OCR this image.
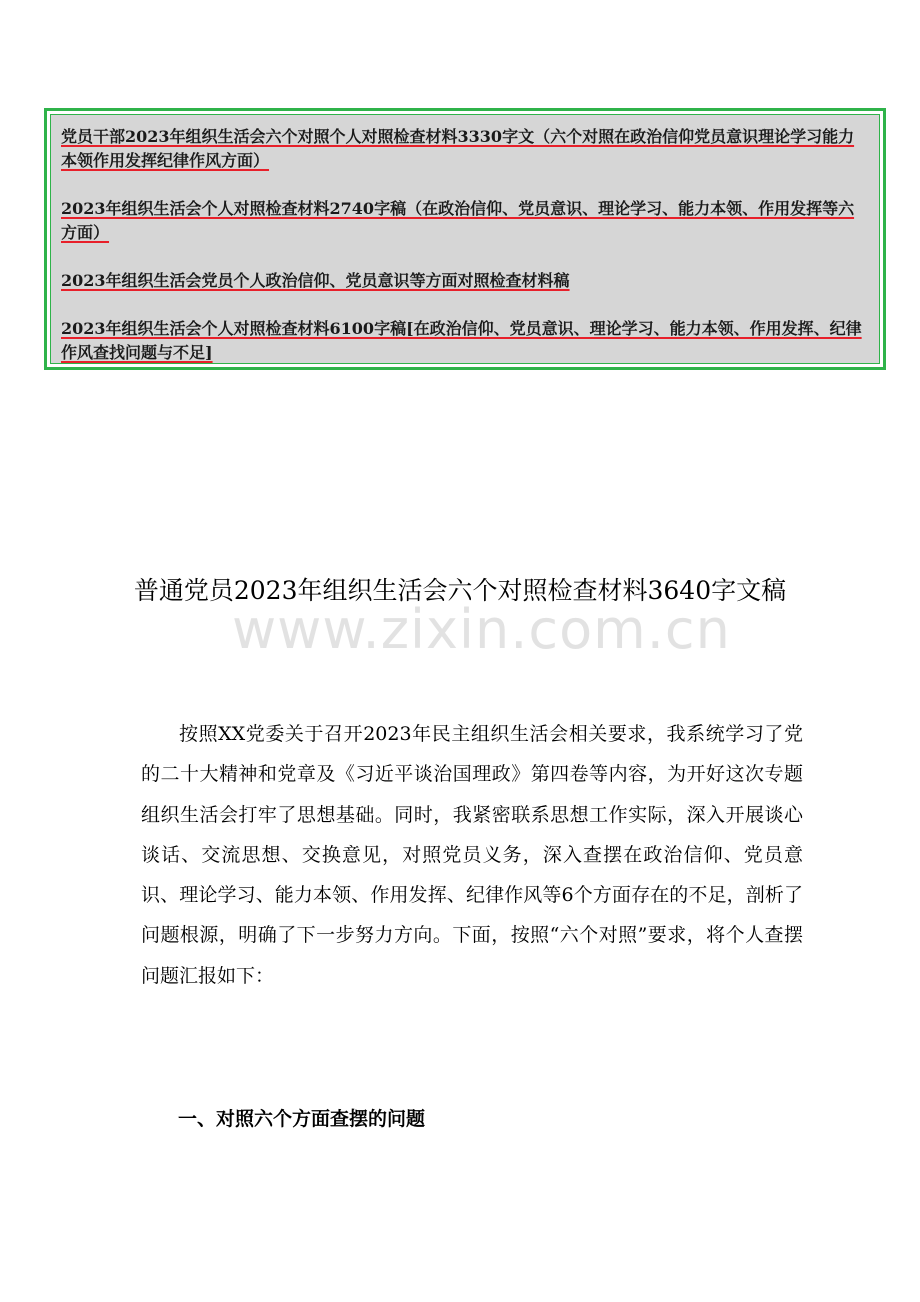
党员干部2023年组织生活会六个对照个人对照检查材料3330字文（六个对照在政治信仰党员意识理论学习能力本领作用发挥纪律作风方面）
2023年组织生活会个人对照检查材料2740字稿（在政治信仰、党员意识、理论学习、能力本领、作用发挥等六方面）
2023年组织生活会党员个人政治信仰、党员意识等方面对照检查材料稿
2023年组织生活会个人对照检查材料6100字稿[在政治信仰、党员意识、理论学习、能力本领、作用发挥、纪律作风查找问题与不足]
www.zixin.com.cn
普通党员2023年组织生活会六个对照检查材料3640字文稿

按照XX党委关于召开2023年民主组织生活会相关要求，我系统学习了党的二十大精神和党章及《习近平谈治国理政》第四卷等内容，为开好这次专题组织生活会打牢了思想基础。同时，我紧密联系思想工作实际，深入开展谈心谈话、交流思想、交换意见，对照党员义务，深入查摆在政治信仰、党员意识、理论学习、能力本领、作用发挥、纪律作风等6个方面存在的不足，剖析了问题根源，明确了下一步努力方向。下面，按照“六个对照”要求，将个人查摆问题汇报如下：

一、对照六个方面查摆的问题
